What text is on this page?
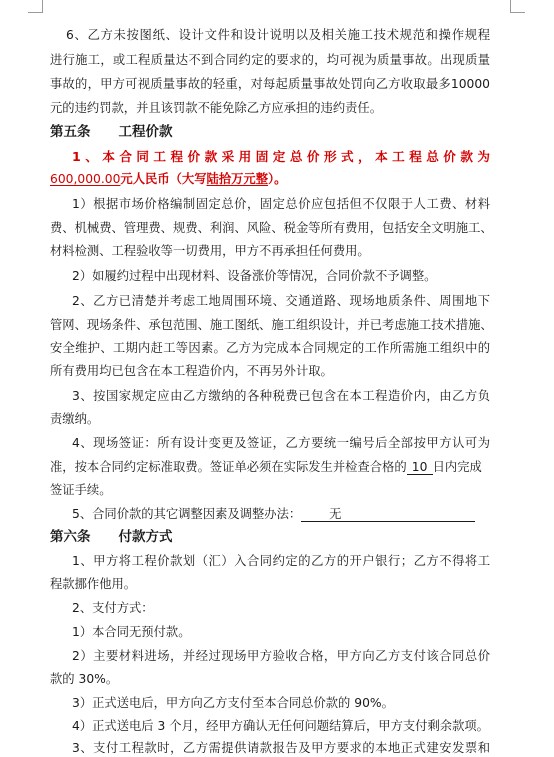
6、乙方未按图纸、设计文件和设计说明以及相关施工技术规范和操作规程
进行施工，或工程质量达不到合同约定的要求的，均可视为质量事故。出现质量
事故的，甲方可视质量事故的轻重，对每起质量事故处罚向乙方收取最多10000
元的违约罚款，并且该罚款不能免除乙方应承担的违约责任。
第五条 工程价款
1、本合同工程价款采用固定总价形式，本工程总价款为
600,000.00元人民币（大写陆拾万元整）。
1）根据市场价格编制固定总价，固定总价应包括但不仅限于人工费、材料
费、机械费、管理费、规费、利润、风险、税金等所有费用，包括安全文明施工、
材料检测、工程验收等一切费用，甲方不再承担任何费用。
2）如履约过程中出现材料、设备涨价等情况，合同价款不予调整。
2、乙方已清楚并考虑工地周围环境、交通道路、现场地质条件、周围地下
管网、现场条件、承包范围、施工图纸、施工组织设计，并已考虑施工技术措施、
安全维护、工期内赶工等因素。乙方为完成本合同规定的工作所需施工组织中的
所有费用均已包含在本工程造价内，不再另外计取。
3、按国家规定应由乙方缴纳的各种税费已包含在本工程造价内，由乙方负
责缴纳。
4、现场签证：所有设计变更及签证，乙方要统一编号后全部按甲方认可为
准，按本合同约定标准取费。签证单必须在实际发生并检查合格的 10 日内完成
签证手续。
5、合同价款的其它调整因素及调整办法： 无
第六条 付款方式
1、甲方将工程价款划（汇）入合同约定的乙方的开户银行；乙方不得将工
程款挪作他用。
2、支付方式：
1）本合同无预付款。
2）主要材料进场，并经过现场甲方验收合格，甲方向乙方支付该合同总价
款的 30%。
3）正式送电后，甲方向乙方支付至本合同总价款的 90%。
4）正式送电后 3 个月，经甲方确认无任何问题结算后，甲方支付剩余款项。
3、支付工程款时，乙方需提供请款报告及甲方要求的本地正式建安发票和
